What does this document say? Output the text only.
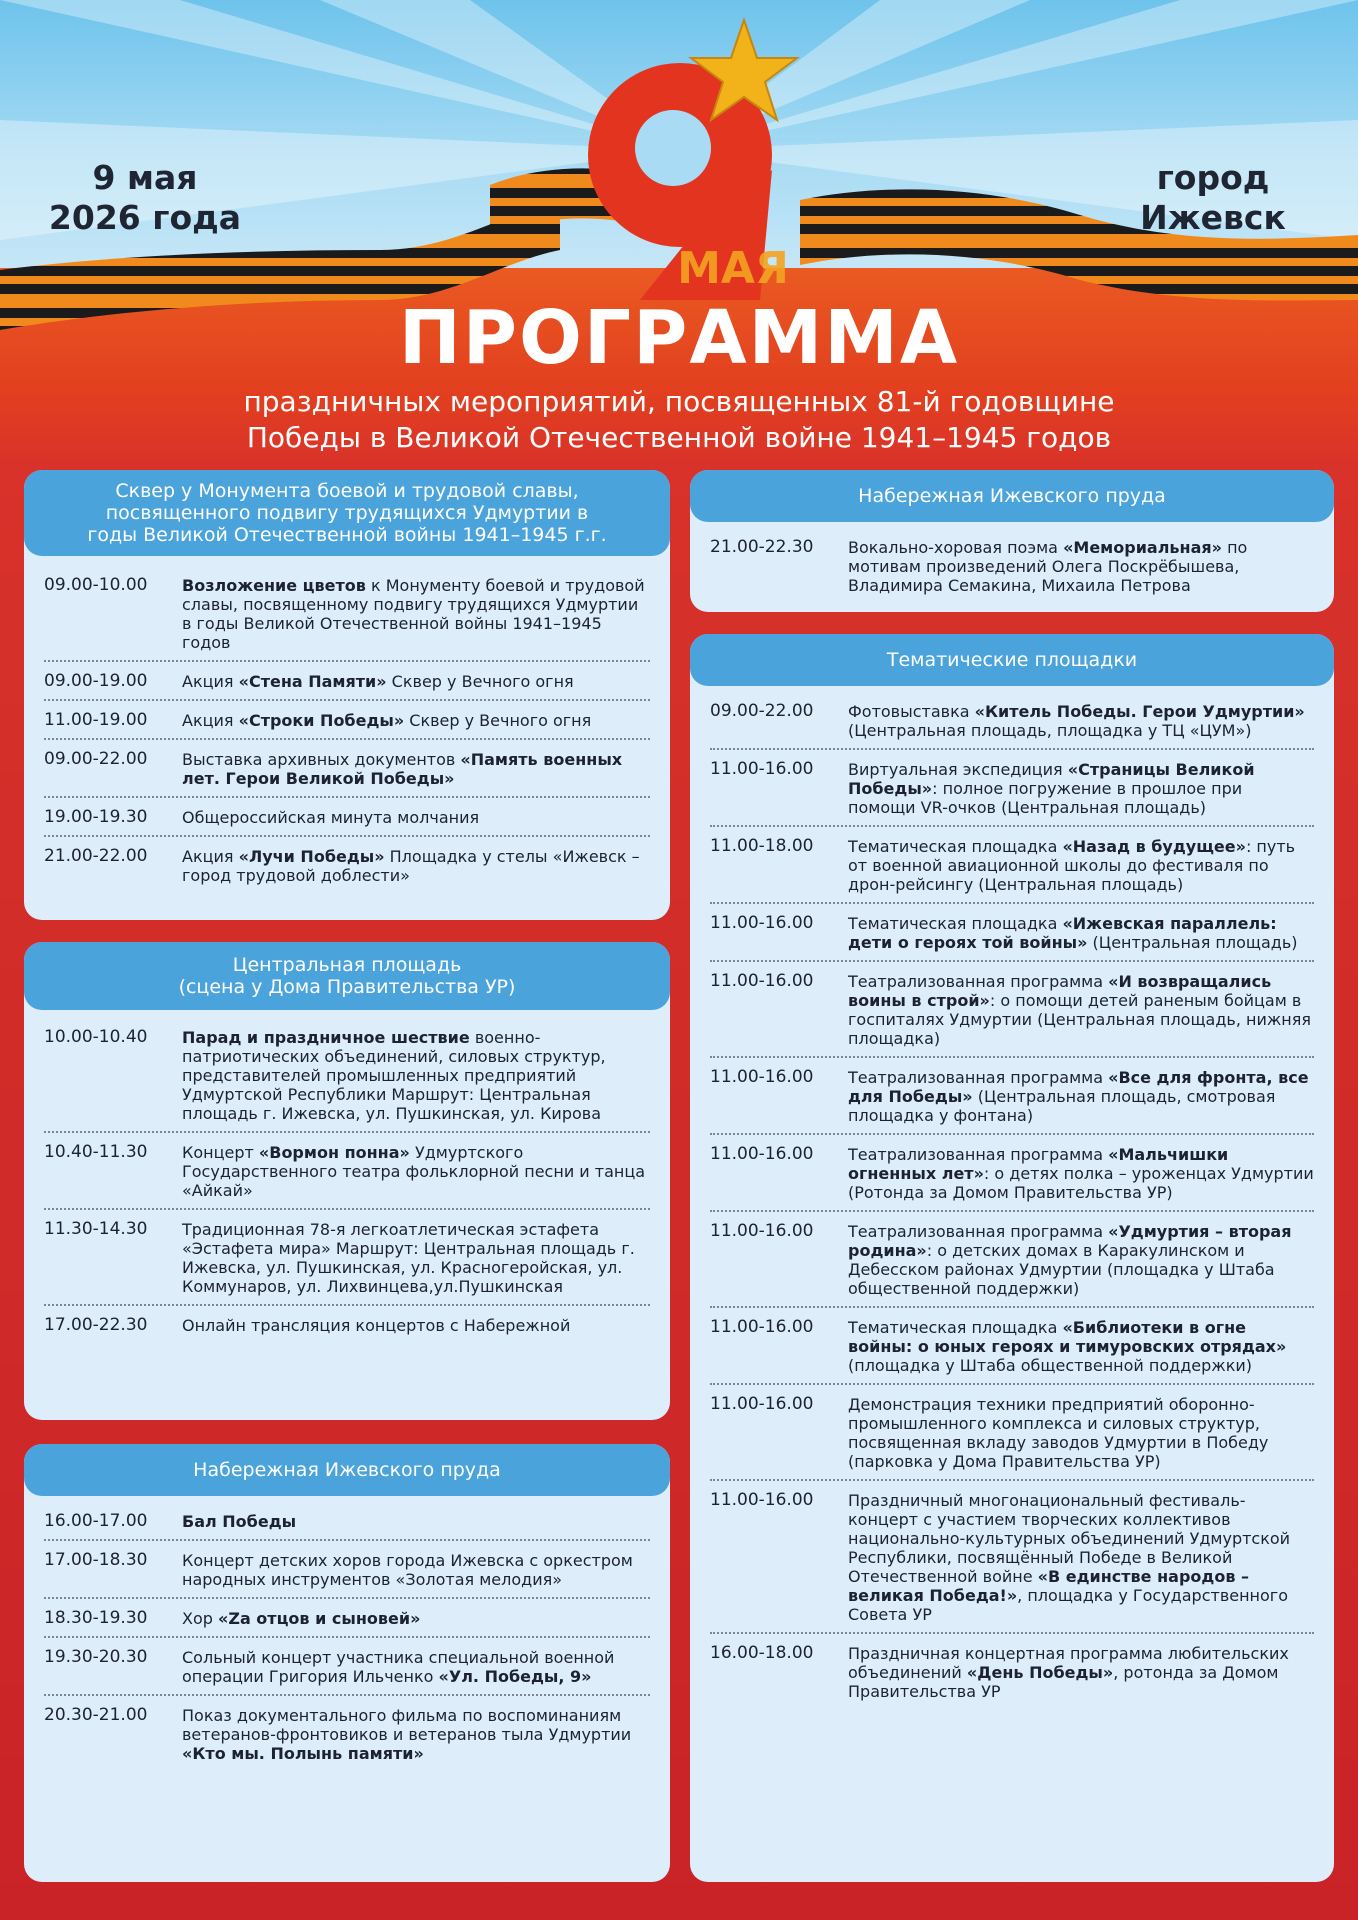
МАЯ
9 мая
2026 года
город
Ижевск
ПРОГРАММА
праздничных мероприятий, посвященных 81-й годовщине
Победы в Великой Отечественной войне 1941–1945 годов
Сквер у Монумента боевой и трудовой славы,
посвященного подвигу трудящихся Удмуртии в
годы Великой Отечественной войны 1941–1945 г.г.
09.00-10.00	Возложение цветов к Монументу боевой и трудовой славы, посвященному подвигу трудящихся Удмуртии в годы Великой Отечественной войны 1941–1945 годов
09.00-19.00	Акция «Стена Памяти» Сквер у Вечного огня
11.00-19.00	Акция «Строки Победы» Сквер у Вечного огня
09.00-22.00	Выставка архивных документов «Память военных лет. Герои Великой Победы»
19.00-19.30	Общероссийская минута молчания
21.00-22.00	Акция «Лучи Победы» Площадка у стелы «Ижевск – город трудовой доблести»
Центральная площадь
(сцена у Дома Правительства УР)
10.00-10.40	Парад и праздничное шествие военно-патриотических объединений, силовых структур, представителей промышленных предприятий Удмуртской Республики Маршрут: Центральная площадь г. Ижевска, ул. Пушкинская, ул. Кирова
10.40-11.30	Концерт «Вормон понна» Удмуртского Государственного театра фольклорной песни и танца «Айкай»
11.30-14.30	Традиционная 78-я легкоатлетическая эстафета «Эстафета мира» Маршрут: Центральная площадь г. Ижевска, ул. Пушкинская, ул. Красногеройская, ул. Коммунаров, ул. Лихвинцева,ул.Пушкинская
17.00-22.30	Онлайн трансляция концертов с Набережной
Набережная Ижевского пруда
16.00-17.00	Бал Победы
17.00-18.30	Концерт детских хоров города Ижевска с оркестром народных инструментов «Золотая мелодия»
18.30-19.30	Хор «Zа отцов и сыновей»
19.30-20.30	Сольный концерт участника специальной военной операции Григория Ильченко «Ул. Победы, 9»
20.30-21.00	Показ документального фильма по воспоминаниям ветеранов-фронтовиков и ветеранов тыла Удмуртии «Кто мы. Полынь памяти»
Набережная Ижевского пруда
21.00-22.30	Вокально-хоровая поэма «Мемориальная» по мотивам произведений Олега Поскрёбышева, Владимира Семакина, Михаила Петрова
Тематические площадки
09.00-22.00	Фотовыставка «Китель Победы. Герои Удмуртии» (Центральная площадь, площадка у ТЦ «ЦУМ»)
11.00-16.00	Виртуальная экспедиция «Страницы Великой Победы»: полное погружение в прошлое при помощи VR-очков (Центральная площадь)
11.00-18.00	Тематическая площадка «Назад в будущее»: путь от военной авиационной школы до фестиваля по дрон-рейсингу (Центральная площадь)
11.00-16.00	Тематическая площадка «Ижевская параллель: дети о героях той войны» (Центральная площадь)
11.00-16.00	Театрализованная программа «И возвращались воины в строй»: о помощи детей раненым бойцам в госпиталях Удмуртии (Центральная площадь, нижняя площадка)
11.00-16.00	Театрализованная программа «Все для фронта, все для Победы» (Центральная площадь, смотровая площадка у фонтана)
11.00-16.00	Театрализованная программа «Мальчишки огненных лет»: о детях полка – уроженцах Удмуртии (Ротонда за Домом Правительства УР)
11.00-16.00	Театрализованная программа «Удмуртия – вторая родина»: о детских домах в Каракулинском и Дебесском районах Удмуртии (площадка у Штаба общественной поддержки)
11.00-16.00	Тематическая площадка «Библиотеки в огне войны: о юных героях и тимуровских отрядах» (площадка у Штаба общественной поддержки)
11.00-16.00	Демонстрация техники предприятий оборонно-промышленного комплекса и силовых структур, посвященная вкладу заводов Удмуртии в Победу (парковка у Дома Правительства УР)
11.00-16.00	Праздничный многонациональный фестиваль-концерт с участием творческих коллективов национально-культурных объединений Удмуртской Республики, посвящённый Победе в Великой Отечественной войне «В единстве народов – великая Победа!», площадка у Государственного Совета УР
16.00-18.00	Праздничная концертная программа любительских объединений «День Победы», ротонда за Домом Правительства УР
